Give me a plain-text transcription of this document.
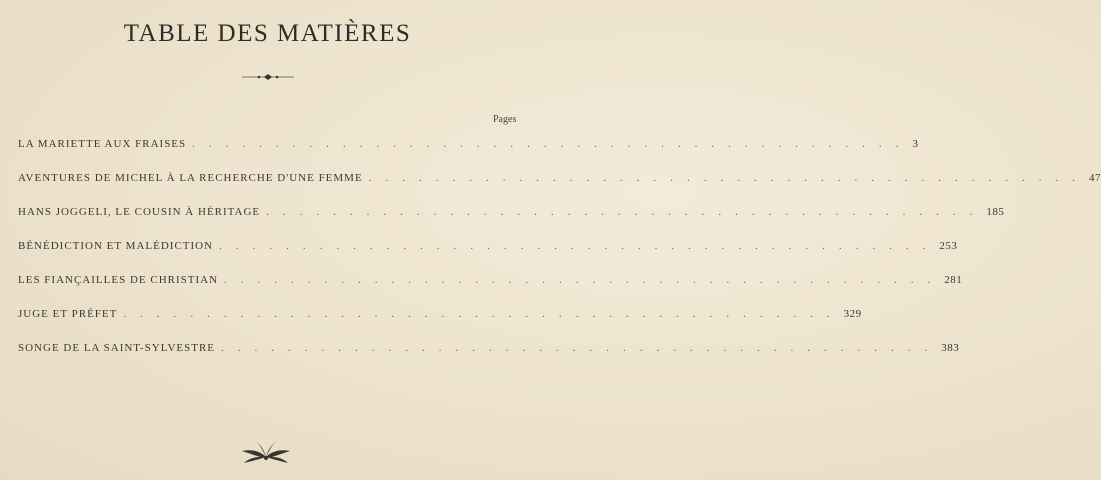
TABLE DES MATIÈRES
Pages
LA MARIETTE AUX FRAISES ........................................... 3
AVENTURES DE MICHEL À LA RECHERCHE D'UNE FEMME ........................................... 47
HANS JOGGELI, LE COUSIN À HÉRITAGE ........................................... 185
BÉNÉDICTION ET MALÉDICTION ........................................... 253
LES FIANÇAILLES DE CHRISTIAN ........................................... 281
JUGE ET PRÉFET ........................................... 329
SONGE DE LA SAINT-SYLVESTRE ........................................... 383
